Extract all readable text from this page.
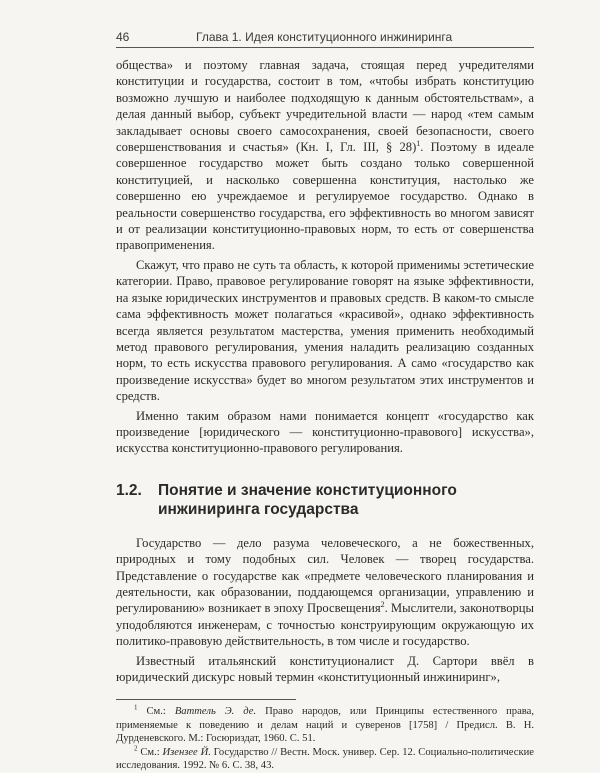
46	Глава 1. Идея конституционного инжиниринга

общества» и поэтому главная задача, стоящая перед учредителями конституции и государства, состоит в том, «чтобы избрать конституцию возможно лучшую и наиболее подходящую к данным обстоятельствам», а делая данный выбор, субъект учредительной власти — народ «тем самым закладывает основы своего самосохранения, своей безопасности, своего совершенствования и счастья» (Кн. I, Гл. III, § 28)$^1$. Поэтому в идеале совершенное государство может быть создано только совершенной конституцией, и насколько совершенна конституция, настолько же совершенно ею учреждаемое и регулируемое государство. Однако в реальности совершенство государства, его эффективность во многом зависят и от реализации конституционно-правовых норм, то есть от совершенства правоприменения.

Скажут, что право не суть та область, к которой применимы эстетические категории. Право, правовое регулирование говорят на языке эффективности, на языке юридических инструментов и правовых средств. В каком-то смысле сама эффективность может полагаться «красивой», однако эффективность всегда является результатом мастерства, умения применить необходимый метод правового регулирования, умения наладить реализацию созданных норм, то есть искусства правового регулирования. А само «государство как произведение искусства» будет во многом результатом этих инструментов и средств.

Именно таким образом нами понимается концепт «государство как произведение [юридического — конституционно-правового] искусства», искусства конституционно-правового регулирования.

1.2.	Понятие и значение конституционного инжиниринга государства

Государство — дело разума человеческого, а не божественных, природных и тому подобных сил. Человек — творец государства. Представление о государстве как «предмете человеческого планирования и деятельности, как образовании, поддающемся организации, управлению и регулированию» возникает в эпоху Просвещения$^2$. Мыслители, законотворцы уподобляются инженерам, с точностью конструирующим окружающую их политико-правовую действительность, в том числе и государство.

Известный итальянский конституционалист Д. Сартори ввёл в юридический дискурс новый термин «конституционный инжиниринг»,

$^1$ См.: Ваттель Э. де. Право народов, или Принципы естественного права, применяемые к поведению и делам наций и суверенов [1758] / Предисл. В. Н. Дурденевского. М.: Госюриздат, 1960. С. 51.

$^2$ См.: Изензее Й. Государство // Вестн. Моск. универ. Сер. 12. Социально-политические исследования. 1992. № 6. С. 38, 43.
